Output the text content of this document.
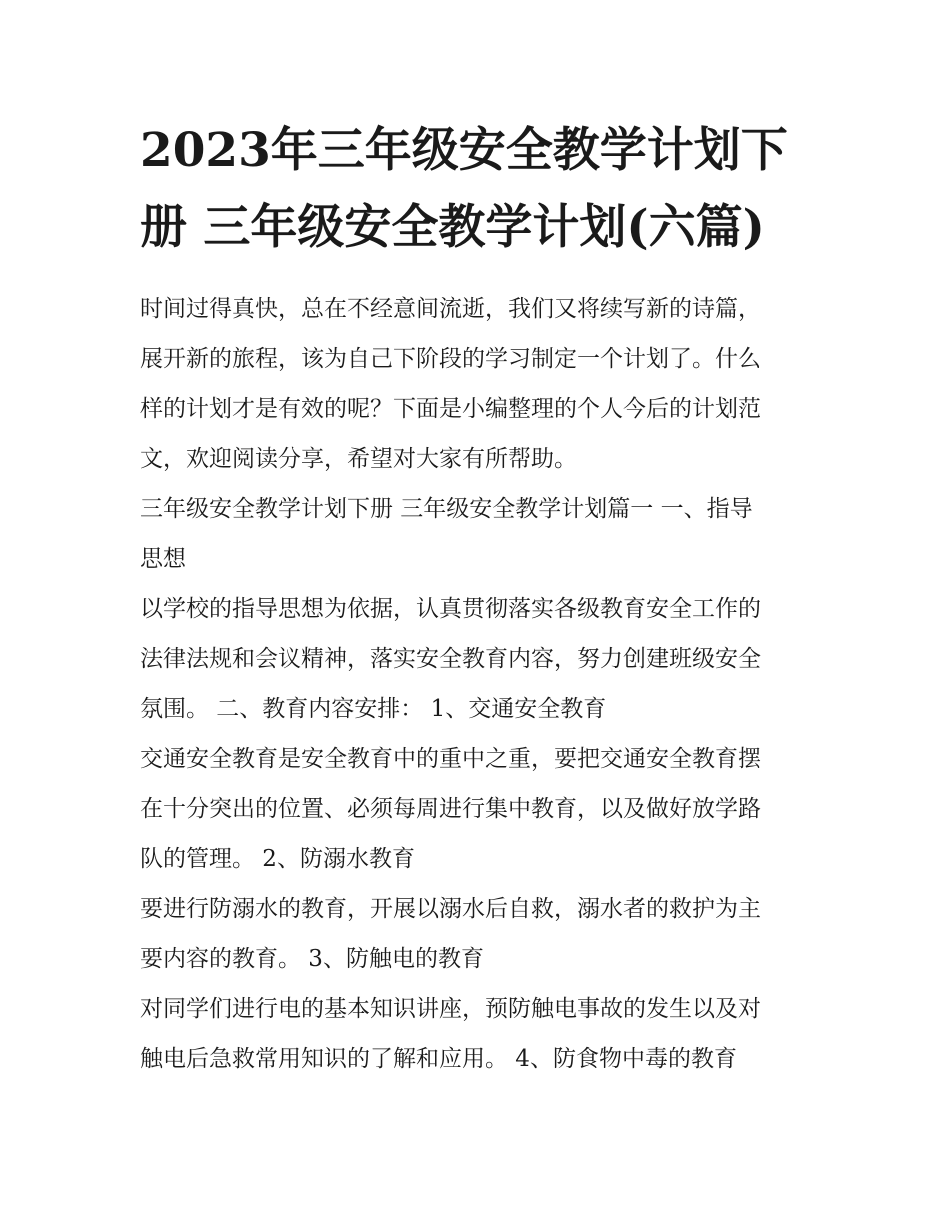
2023年三年级安全教学计划下
册 三年级安全教学计划(六篇)

时间过得真快，总在不经意间流逝，我们又将续写新的诗篇，
展开新的旅程，该为自己下阶段的学习制定一个计划了。什么
样的计划才是有效的呢？下面是小编整理的个人今后的计划范
文，欢迎阅读分享，希望对大家有所帮助。

三年级安全教学计划下册 三年级安全教学计划篇一 一、指导
思想

以学校的指导思想为依据，认真贯彻落实各级教育安全工作的
法律法规和会议精神，落实安全教育内容，努力创建班级安全
氛围。 二、教育内容安排： 1、交通安全教育

交通安全教育是安全教育中的重中之重，要把交通安全教育摆
在十分突出的位置、必须每周进行集中教育，以及做好放学路
队的管理。 2、防溺水教育

要进行防溺水的教育，开展以溺水后自救，溺水者的救护为主
要内容的教育。 3、防触电的教育

对同学们进行电的基本知识讲座，预防触电事故的发生以及对
触电后急救常用知识的了解和应用。 4、防食物中毒的教育
